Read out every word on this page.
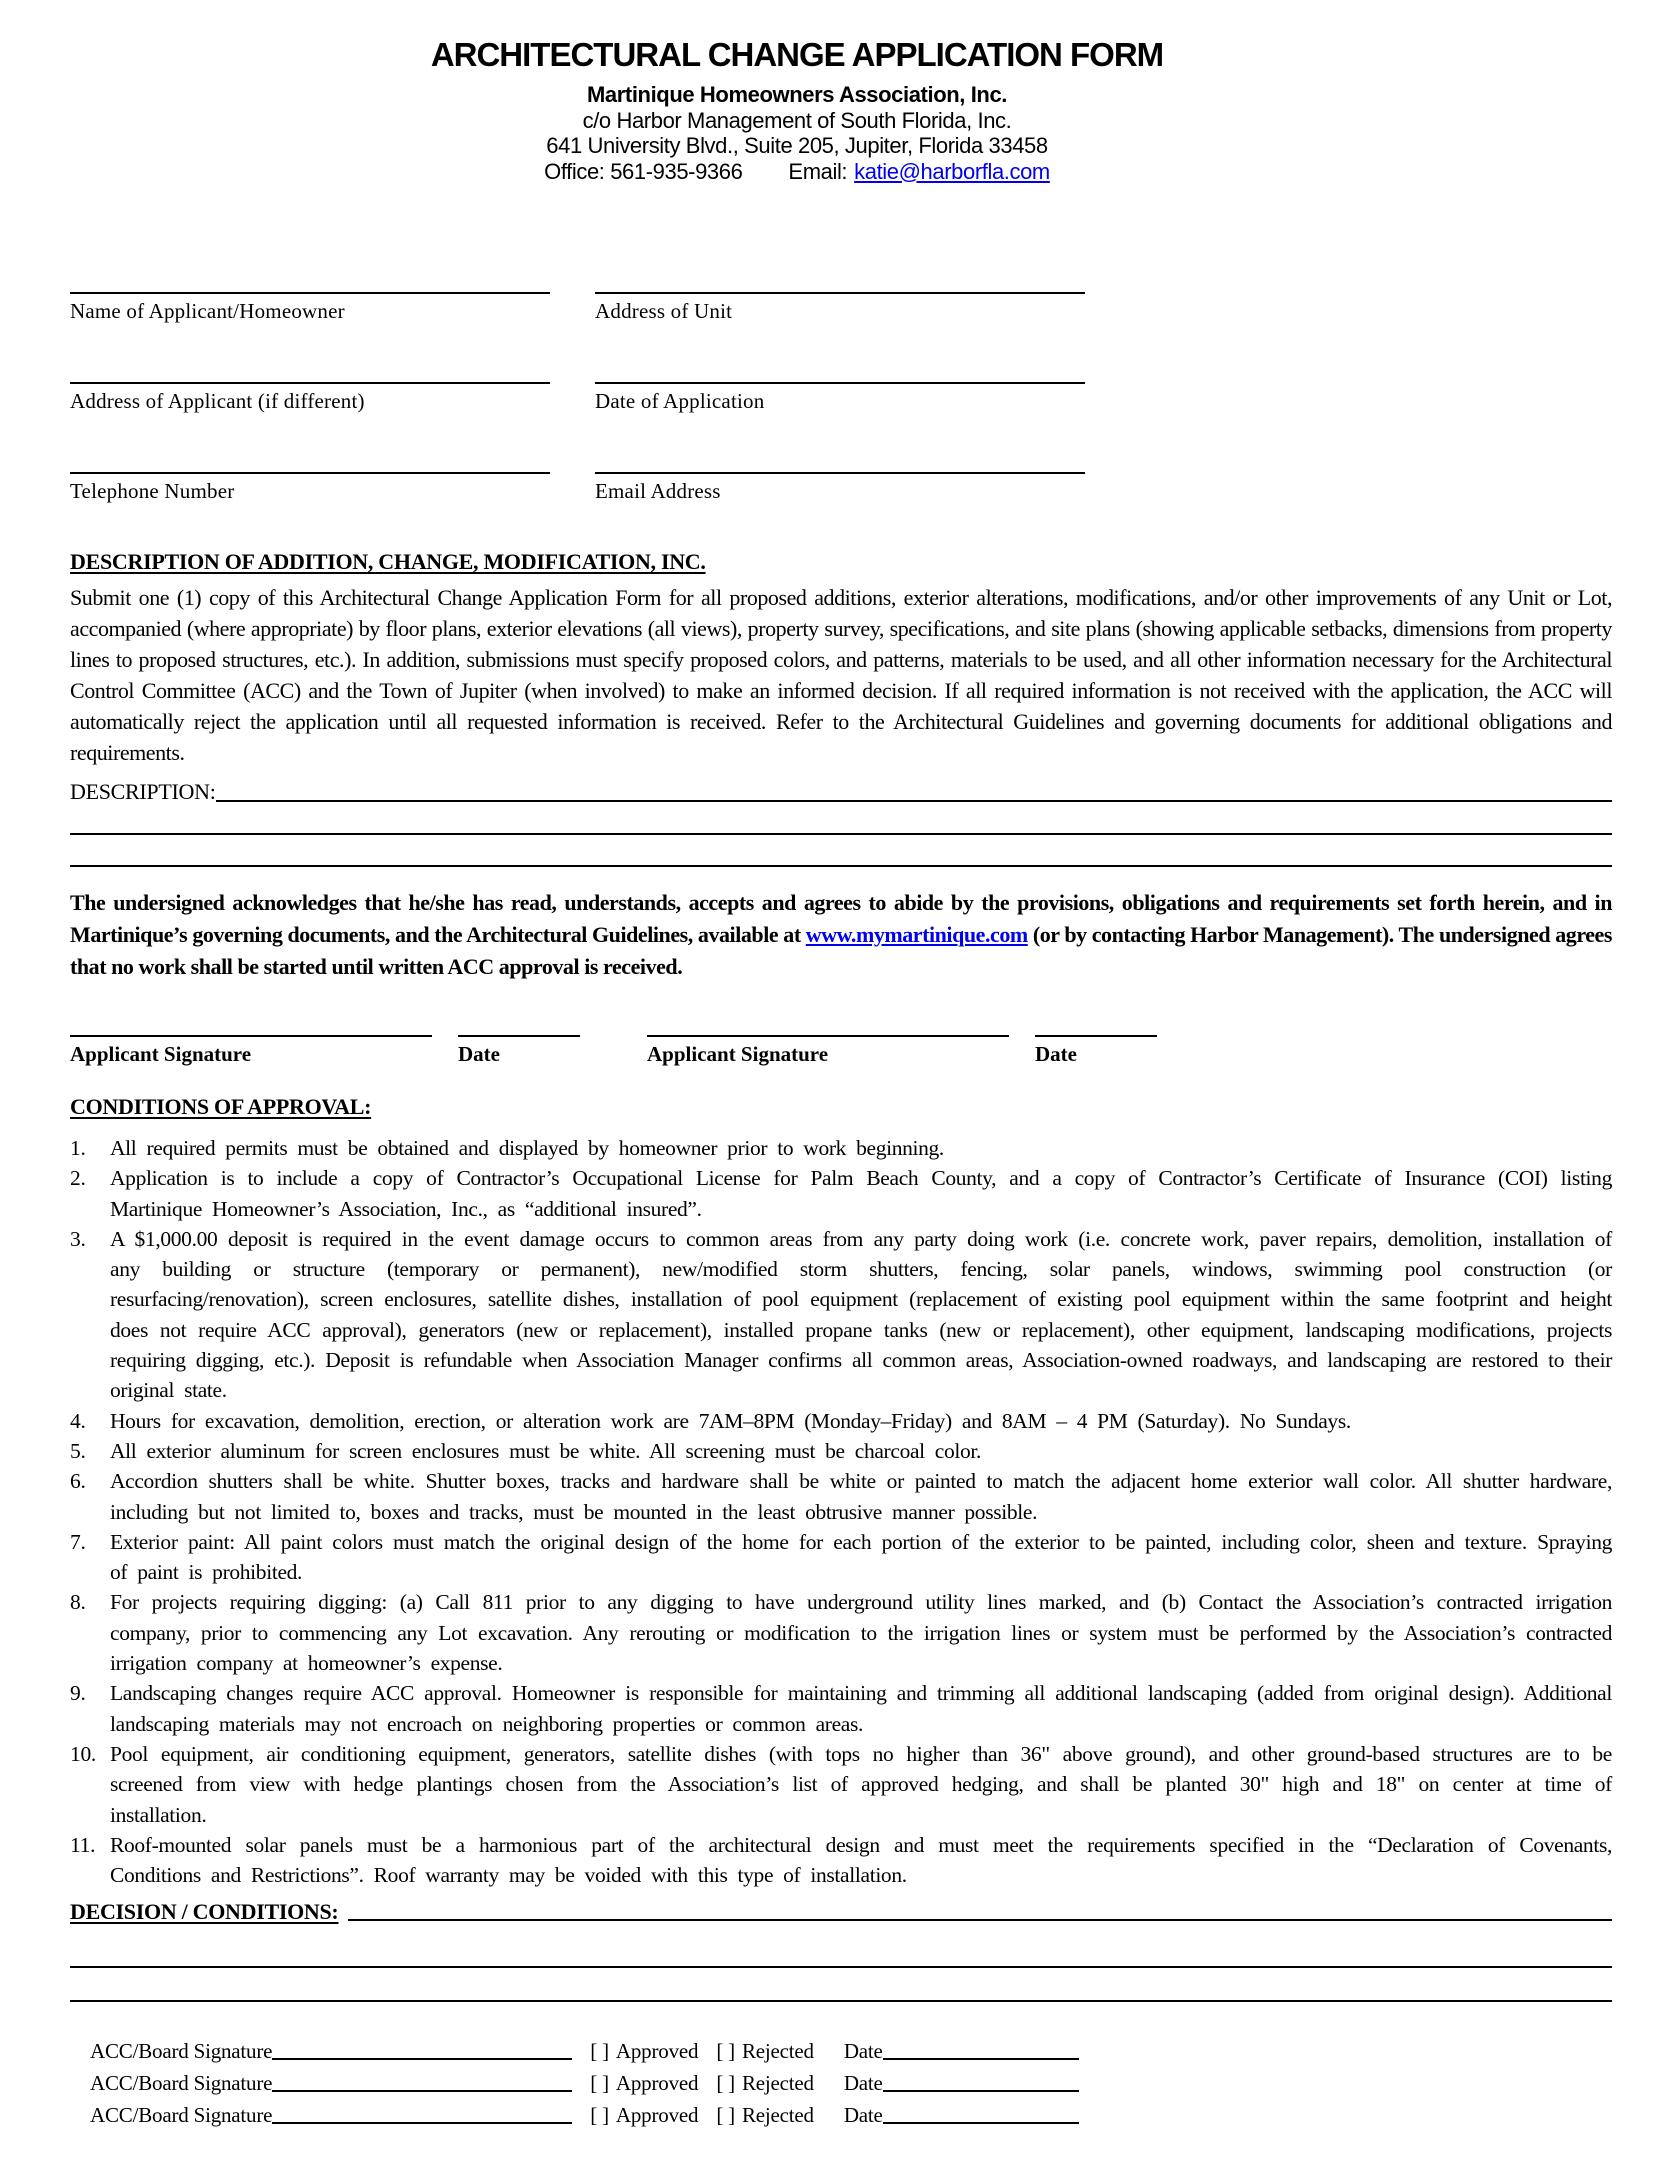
ARCHITECTURAL CHANGE APPLICATION FORM
Martinique Homeowners Association, Inc.
c/o Harbor Management of South Florida, Inc.
641 University Blvd., Suite 205, Jupiter, Florida 33458
Office: 561-935-9366 Email: katie@harborfla.com
Name of Applicant/Homeowner	Address of Unit
Address of Applicant (if different)	Date of Application
Telephone Number	Email Address
DESCRIPTION OF ADDITION, CHANGE, MODIFICATION, INC.

Submit one (1) copy of this Architectural Change Application Form for all proposed additions, exterior alterations, modifications, and/or other improvements of any Unit or Lot, accompanied (where appropriate) by floor plans, exterior elevations (all views), property survey, specifications, and site plans (showing applicable setbacks, dimensions from property lines to proposed structures, etc.). In addition, submissions must specify proposed colors, and patterns, materials to be used, and all other information necessary for the Architectural Control Committee (ACC) and the Town of Jupiter (when involved) to make an informed decision. If all required information is not received with the application, the ACC will automatically reject the application until all requested information is received. Refer to the Architectural Guidelines and governing documents for additional obligations and requirements.

DESCRIPTION:

The undersigned acknowledges that he/she has read, understands, accepts and agrees to abide by the provisions, obligations and requirements set forth herein, and in Martinique’s governing documents, and the Architectural Guidelines, available at www.mymartinique.com (or by contacting Harbor Management). The undersigned agrees that no work shall be started until written ACC approval is received.

Applicant Signature	Date	Applicant Signature	Date
CONDITIONS OF APPROVAL:
1.	All required permits must be obtained and displayed by homeowner prior to work beginning.
2.	Application is to include a copy of Contractor’s Occupational License for Palm Beach County, and a copy of Contractor’s Certificate of Insurance (COI) listing Martinique Homeowner’s Association, Inc., as “additional insured”.
3.	A $1,000.00 deposit is required in the event damage occurs to common areas from any party doing work (i.e. concrete work, paver repairs, demolition, installation of any building or structure (temporary or permanent), new/modified storm shutters, fencing, solar panels, windows, swimming pool construction (or resurfacing/renovation), screen enclosures, satellite dishes, installation of pool equipment (replacement of existing pool equipment within the same footprint and height does not require ACC approval), generators (new or replacement), installed propane tanks (new or replacement), other equipment, landscaping modifications, projects requiring digging, etc.). Deposit is refundable when Association Manager confirms all common areas, Association-owned roadways, and landscaping are restored to their original state.
4.	Hours for excavation, demolition, erection, or alteration work are 7AM–8PM (Monday–Friday) and 8AM – 4 PM (Saturday). No Sundays.
5.	All exterior aluminum for screen enclosures must be white. All screening must be charcoal color.
6.	Accordion shutters shall be white. Shutter boxes, tracks and hardware shall be white or painted to match the adjacent home exterior wall color. All shutter hardware, including but not limited to, boxes and tracks, must be mounted in the least obtrusive manner possible.
7.	Exterior paint: All paint colors must match the original design of the home for each portion of the exterior to be painted, including color, sheen and texture. Spraying of paint is prohibited.
8.	For projects requiring digging: (a) Call 811 prior to any digging to have underground utility lines marked, and (b) Contact the Association’s contracted irrigation company, prior to commencing any Lot excavation. Any rerouting or modification to the irrigation lines or system must be performed by the Association’s contracted irrigation company at homeowner’s expense.
9.	Landscaping changes require ACC approval. Homeowner is responsible for maintaining and trimming all additional landscaping (added from original design). Additional landscaping materials may not encroach on neighboring properties or common areas.
10. Pool equipment, air conditioning equipment, generators, satellite dishes (with tops no higher than 36" above ground), and other ground-based structures are to be screened from view with hedge plantings chosen from the Association’s list of approved hedging, and shall be planted 30" high and 18" on center at time of installation.
11. Roof-mounted solar panels must be a harmonious part of the architectural design and must meet the requirements specified in the “Declaration of Covenants, Conditions and Restrictions”. Roof warranty may be voided with this type of installation.
DECISION / CONDITIONS:
ACC/Board Signature	[ ] Approved [ ] Rejected Date
ACC/Board Signature	[ ] Approved [ ] Rejected Date
ACC/Board Signature	[ ] Approved [ ] Rejected Date
